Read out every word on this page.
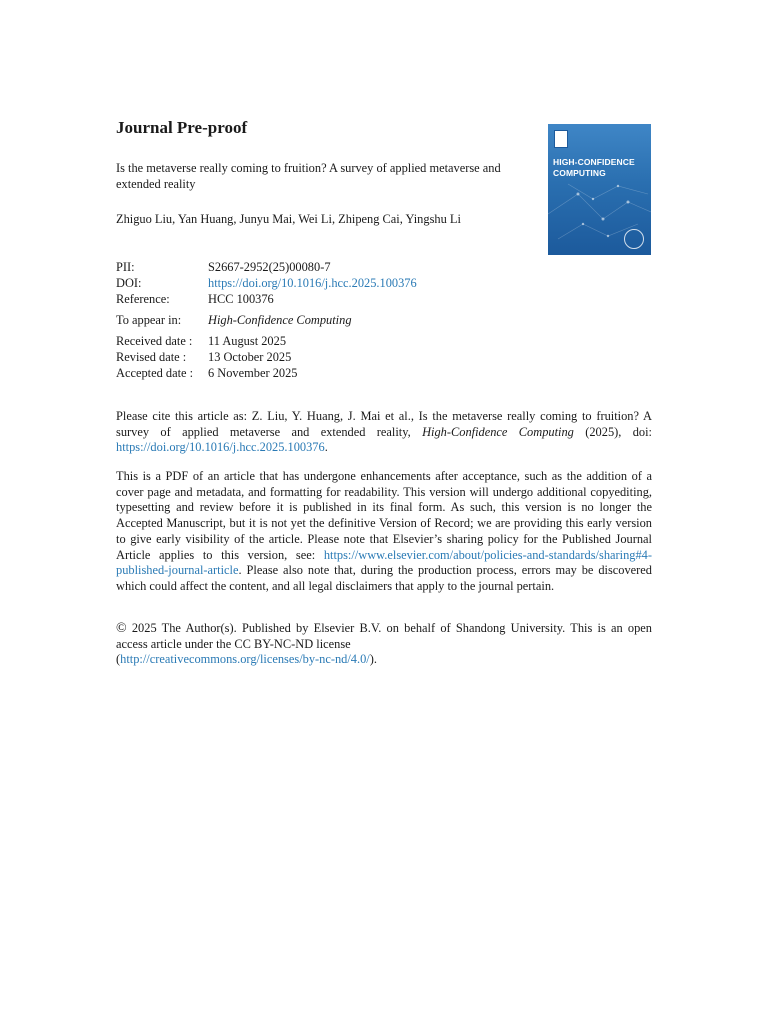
Journal Pre-proof
Is the metaverse really coming to fruition? A survey of applied metaverse and extended reality
Zhiguo Liu, Yan Huang, Junyu Mai, Wei Li, Zhipeng Cai, Yingshu Li
HIGH-CONFIDENCE
COMPUTING
PII:	S2667-2952(25)00080-7
DOI:	https://doi.org/10.1016/j.hcc.2025.100376
Reference:	HCC 100376
To appear in:	High-Confidence Computing
Received date :	11 August 2025
Revised date :	13 October 2025
Accepted date :	6 November 2025
Please cite this article as: Z. Liu, Y. Huang, J. Mai et al., Is the metaverse really coming to fruition? A survey of applied metaverse and extended reality, High-Confidence Computing (2025), doi: https://doi.org/10.1016/j.hcc.2025.100376.
This is a PDF of an article that has undergone enhancements after acceptance, such as the addition of a cover page and metadata, and formatting for readability. This version will undergo additional copyediting, typesetting and review before it is published in its final form. As such, this version is no longer the Accepted Manuscript, but it is not yet the definitive Version of Record; we are providing this early version to give early visibility of the article. Please note that Elsevier’s sharing policy for the Published Journal Article applies to this version, see: https://www.elsevier.com/about/policies-and-standards/sharing#4-published-journal-article. Please also note that, during the production process, errors may be discovered which could affect the content, and all legal disclaimers that apply to the journal pertain.
© 2025 The Author(s). Published by Elsevier B.V. on behalf of Shandong University. This is an open access article under the CC BY-NC-ND license
(http://creativecommons.org/licenses/by-nc-nd/4.0/).
